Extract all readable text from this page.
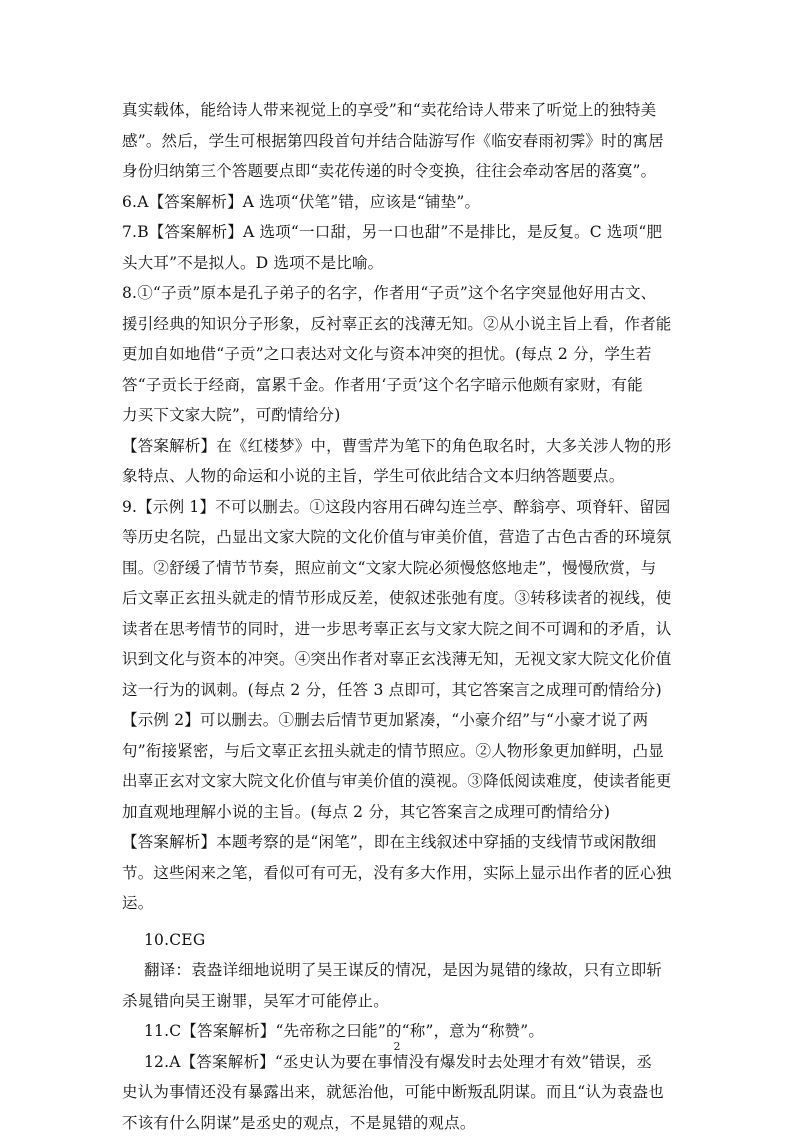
真实载体，能给诗人带来视觉上的享受”和“卖花给诗人带来了听觉上的独特美
感”。然后，学生可根据第四段首句并结合陆游写作《临安春雨初霁》时的寓居
身份归纳第三个答题要点即“卖花传递的时令变换，往往会牵动客居的落寞”。
6.A【答案解析】A 选项“伏笔”错，应该是“铺垫”。
7.B【答案解析】A 选项“一口甜，另一口也甜”不是排比，是反复。C 选项“肥
头大耳”不是拟人。D 选项不是比喻。
8.①“子贡”原本是孔子弟子的名字，作者用“子贡”这个名字突显他好用古文、
援引经典的知识分子形象，反衬辜正玄的浅薄无知。②从小说主旨上看，作者能
更加自如地借“子贡”之口表达对文化与资本冲突的担忧。(每点 2 分，学生若
答“子贡长于经商，富累千金。作者用‘子贡’这个名字暗示他颇有家财，有能
力买下文家大院”，可酌情给分)
【答案解析】在《红楼梦》中，曹雪芹为笔下的角色取名时，大多关涉人物的形
象特点、人物的命运和小说的主旨，学生可依此结合文本归纳答题要点。
9.【示例 1】不可以删去。①这段内容用石碑勾连兰亭、醉翁亭、项脊轩、留园
等历史名院，凸显出文家大院的文化价值与审美价值，营造了古色古香的环境氛
围。②舒缓了情节节奏，照应前文“文家大院必须慢悠悠地走”，慢慢欣赏，与
后文辜正玄扭头就走的情节形成反差，使叙述张弛有度。③转移读者的视线，使
读者在思考情节的同时，进一步思考辜正玄与文家大院之间不可调和的矛盾，认
识到文化与资本的冲突。④突出作者对辜正玄浅薄无知，无视文家大院文化价值
这一行为的讽刺。(每点 2 分，任答 3 点即可，其它答案言之成理可酌情给分)
【示例 2】可以删去。①删去后情节更加紧凑，“小豪介绍”与“小豪才说了两
句”衔接紧密，与后文辜正玄扭头就走的情节照应。②人物形象更加鲜明，凸显
出辜正玄对文家大院文化价值与审美价值的漠视。③降低阅读难度，使读者能更
加直观地理解小说的主旨。(每点 2 分，其它答案言之成理可酌情给分)
【答案解析】本题考察的是“闲笔”，即在主线叙述中穿插的支线情节或闲散细
节。这些闲来之笔，看似可有可无，没有多大作用，实际上显示出作者的匠心独
运。
10.CEG
翻译：袁盎详细地说明了吴王谋反的情况，是因为晁错的缘故，只有立即斩
杀晁错向吴王谢罪，吴军才可能停止。
11.C【答案解析】“先帝称之曰能”的“称”，意为“称赞”。
12.A【答案解析】“丞史认为要在事情没有爆发时去处理才有效”错误，丞
史认为事情还没有暴露出来，就惩治他，可能中断叛乱阴谋。而且“认为袁盎也
不该有什么阴谋”是丞史的观点，不是晁错的观点。
2
